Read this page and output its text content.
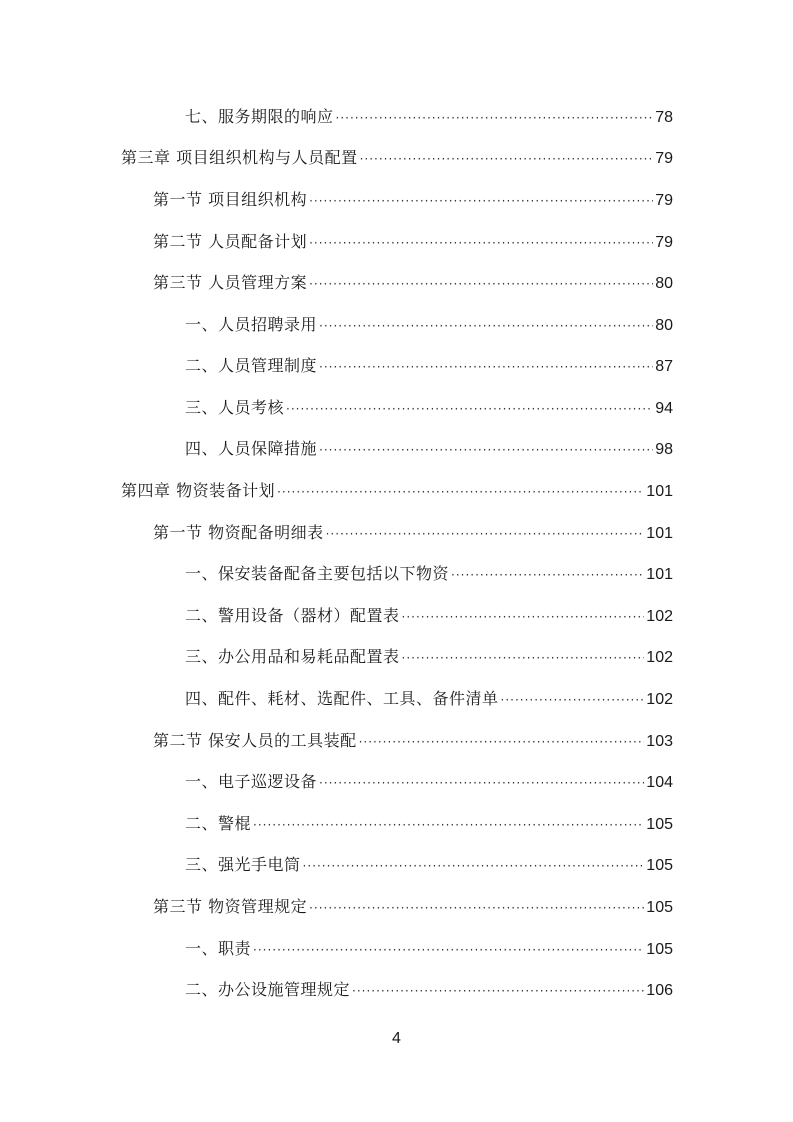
七、服务期限的响应 ·····	78
第三章 项目组织机构与人员配置 ·····	79
第一节 项目组织机构 ·····	79
第二节 人员配备计划 ·····	79
第三节 人员管理方案 ·····	80
一、人员招聘录用 ·····	80
二、人员管理制度 ·····	87
三、人员考核 ·····	94
四、人员保障措施 ·····	98
第四章 物资装备计划 ·····	101
第一节 物资配备明细表 ·····	101
一、保安装备配备主要包括以下物资 ·····	101
二、警用设备（器材）配置表 ·····	102
三、办公用品和易耗品配置表 ·····	102
四、配件、耗材、选配件、工具、备件清单 ·····	102
第二节 保安人员的工具装配 ·····	103
一、电子巡逻设备 ·····	104
二、警棍 ·····	105
三、强光手电筒 ·····	105
第三节 物资管理规定 ·····	105
一、职责 ·····	105
二、办公设施管理规定 ·····	106
4
